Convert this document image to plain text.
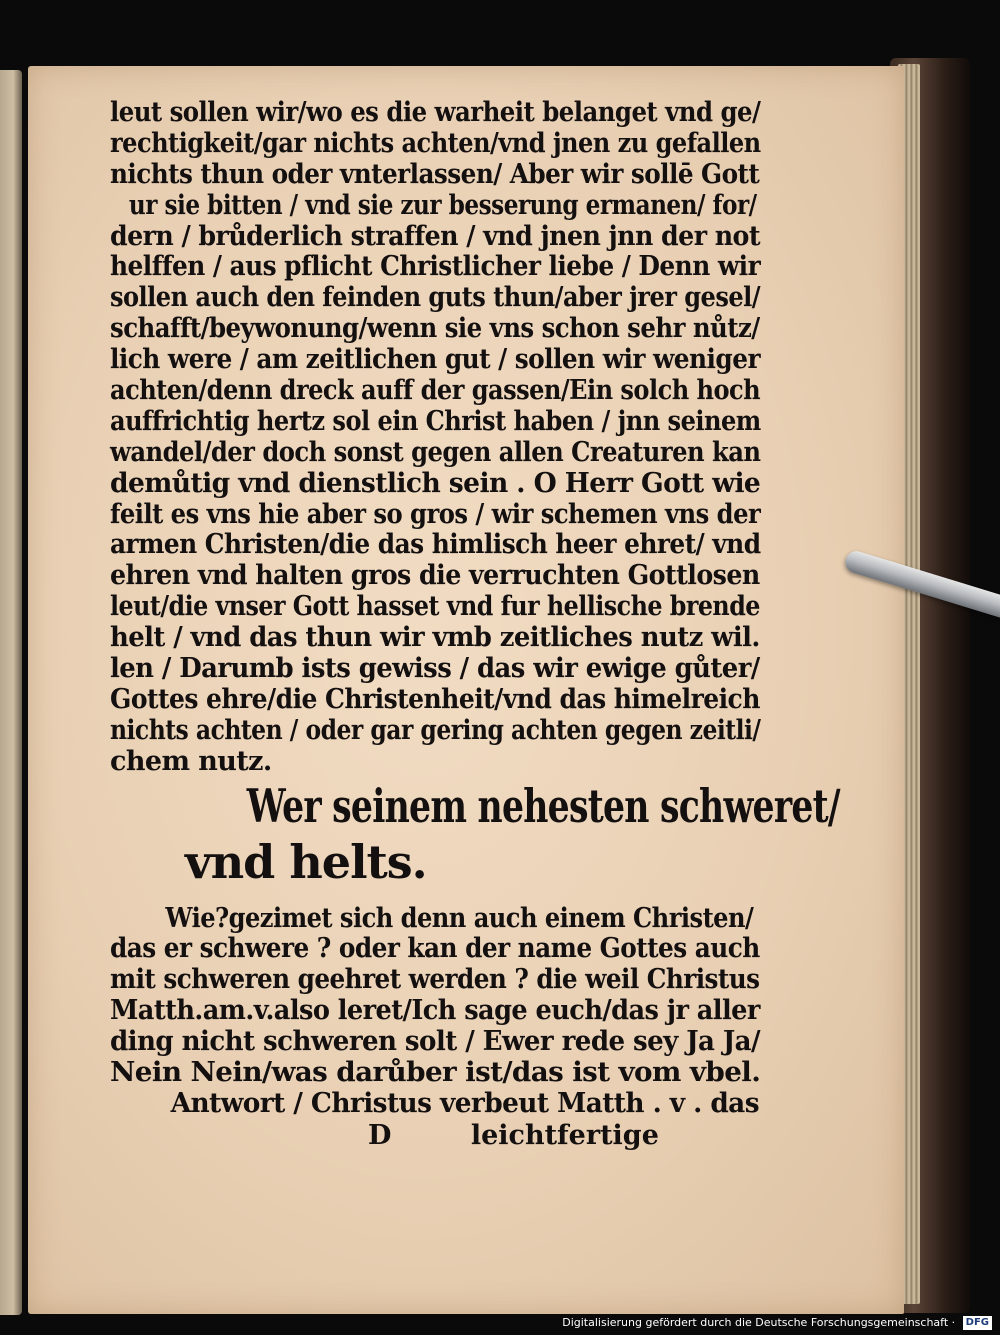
leut sollen wir/wo es die warheit belanget vnd ge/
rechtigkeit/gar nichts achten/vnd jnen zu gefallen
nichts thun oder vnterlassen/ Aber wir sollē Gott
ur sie bitten / vnd sie zur besserung ermanen/ for/
dern / brůderlich straffen / vnd jnen jnn der not
helffen / aus pflicht Christlicher liebe / Denn wir
sollen auch den feinden guts thun/aber jrer gesel/
schafft/beywonung/wenn sie vns schon sehr nůtz/
lich were / am zeitlichen gut / sollen wir weniger
achten/denn dreck auff der gassen/Ein solch hoch
auffrichtig hertz sol ein Christ haben / jnn seinem
wandel/der doch sonst gegen allen Creaturen kan
demůtig vnd dienstlich sein . O Herr Gott wie
feilt es vns hie aber so gros / wir schemen vns der
armen Christen/die das himlisch heer ehret/ vnd
ehren vnd halten gros die verruchten Gottlosen
leut/die vnser Gott hasset vnd fur hellische brende
helt / vnd das thun wir vmb zeitliches nutz wil.
len / Darumb ists gewiss / das wir ewige gůter/
Gottes ehre/die Christenheit/vnd das himelreich
nichts achten / oder gar gering achten gegen zeitli/
chem nutz.
Wer seinem nehesten schweret/
vnd helts.
Wie?gezimet sich denn auch einem Christen/
das er schwere ? oder kan der name Gottes auch
mit schweren geehret werden ? die weil Christus
Matth.am.v.also leret/Ich sage euch/das jr aller
ding nicht schweren solt / Ewer rede sey Ja Ja/
Nein Nein/was darůber ist/das ist vom vbel.
Antwort / Christus verbeut Matth . v . das
D	leichtfertige
Digitalisierung gefördert durch die Deutsche Forschungsgemeinschaft · DFG
